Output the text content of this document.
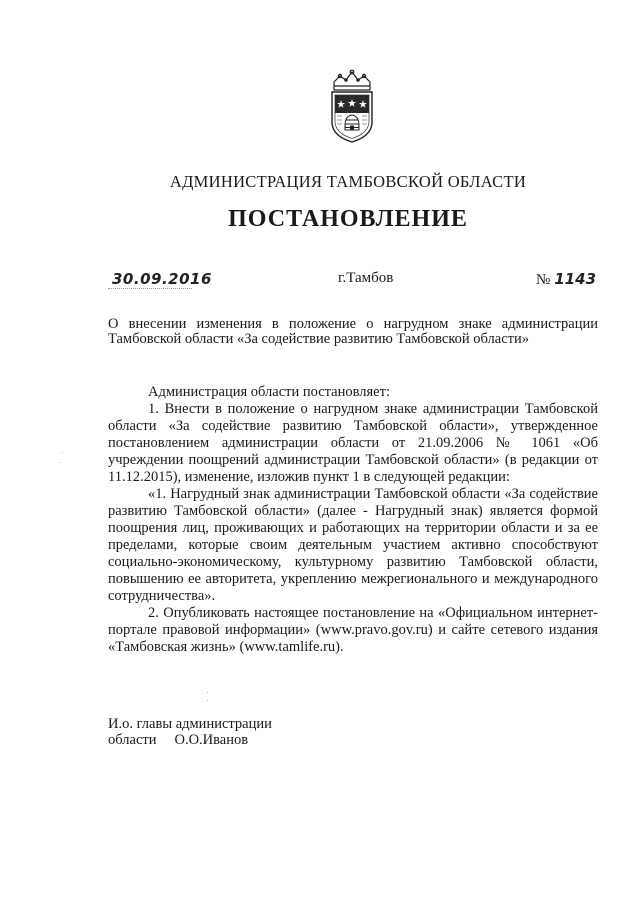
АДМИНИСТРАЦИЯ ТАМБОВСКОЙ ОБЛАСТИ
ПОСТАНОВЛЕНИЕ
30.09.2016	г.Тамбов	№ 1143
О внесении изменения в положение о нагрудном знаке администрации Тамбовской области «За содействие развитию Тамбовской области»

Администрация области постановляет:

1. Внести в положение о нагрудном знаке администрации Тамбовской области «За содействие развитию Тамбовской области», утвержденное постановлением администрации области от 21.09.2006 № 1061 «Об учреждении поощрений администрации Тамбовской области» (в редакции от 11.12.2015), изменение, изложив пункт 1 в следующей редакции:

«1. Нагрудный знак администрации Тамбовской области «За содействие развитию Тамбовской области» (далее - Нагрудный знак) является формой поощрения лиц, проживающих и работающих на территории области и за ее пределами, которые своим деятельным участием активно способствуют социально-экономическому, культурному развитию Тамбовской области, повышению ее авторитета, укреплению межрегионального и международного сотрудничества».

2. Опубликовать настоящее постановление на «Официальном интернет-портале правовой информации» (www.pravo.gov.ru) и сайте сетевого издания «Тамбовская жизнь» (www.tamlife.ru).

И.о. главы администрации
области О.О.Иванов
